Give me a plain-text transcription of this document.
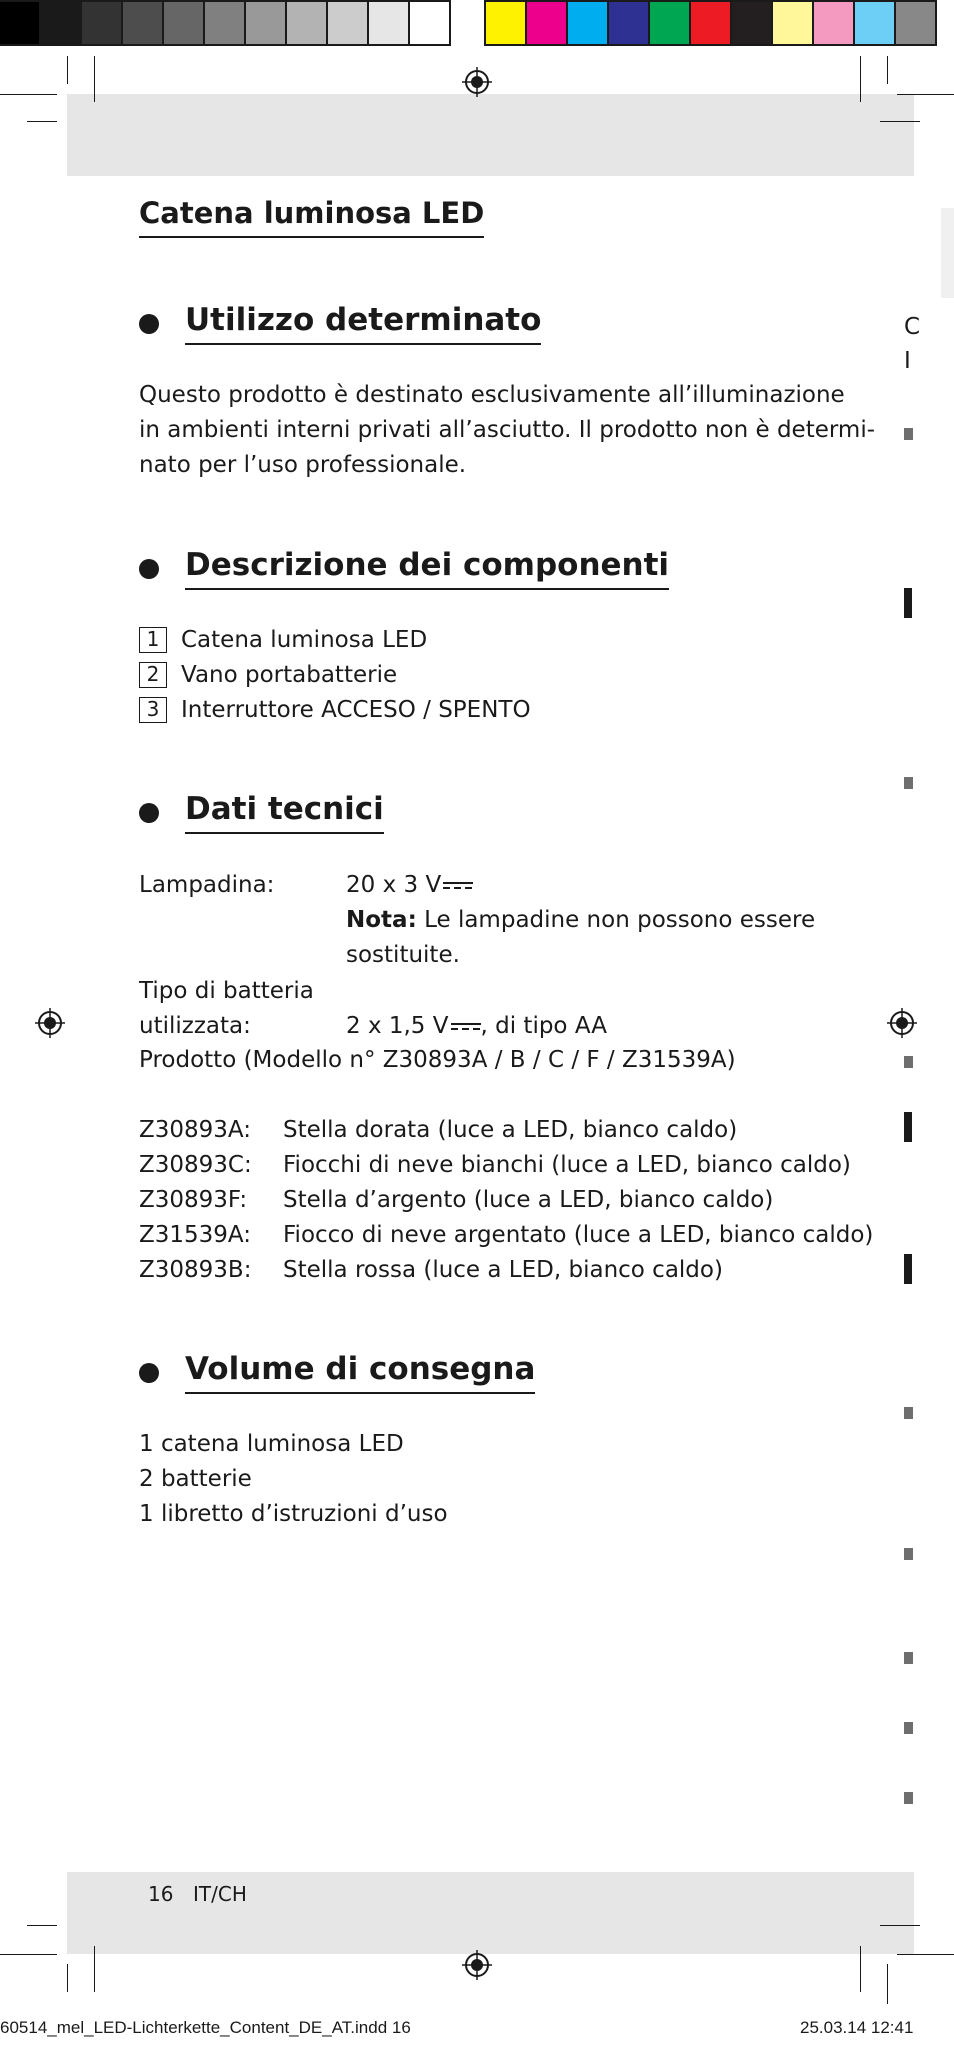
C
I
Catena luminosa LED
Utilizzo determinato
Questo prodotto è destinato esclusivamente all’illuminazione
in ambienti interni privati all’asciutto. Il prodotto non è determi-
nato per l’uso professionale.
Descrizione dei componenti
1 Catena luminosa LED
2 Vano portabatterie
3 Interruttore ACCESO / SPENTO
Dati tecnici
Lampadina:	20 x 3 V
Nota: Le lampadine non possono essere
sostituite.
Tipo di batteria
utilizzata:	2 x 1,5 V , di tipo AA
Prodotto (Modello n° Z30893A / B / C / F / Z31539A)
Z30893A: Stella dorata (luce a LED, bianco caldo)
Z30893C: Fiocchi di neve bianchi (luce a LED, bianco caldo)
Z30893F: Stella d’argento (luce a LED, bianco caldo)
Z31539A: Fiocco di neve argentato (luce a LED, bianco caldo)
Z30893B: Stella rossa (luce a LED, bianco caldo)
Volume di consegna
1 catena luminosa LED
2 batterie
1 libretto d’istruzioni d’uso
16 IT/CH
60514_mel_LED-Lichterkette_Content_DE_AT.indd 16	25.03.14 12:41
